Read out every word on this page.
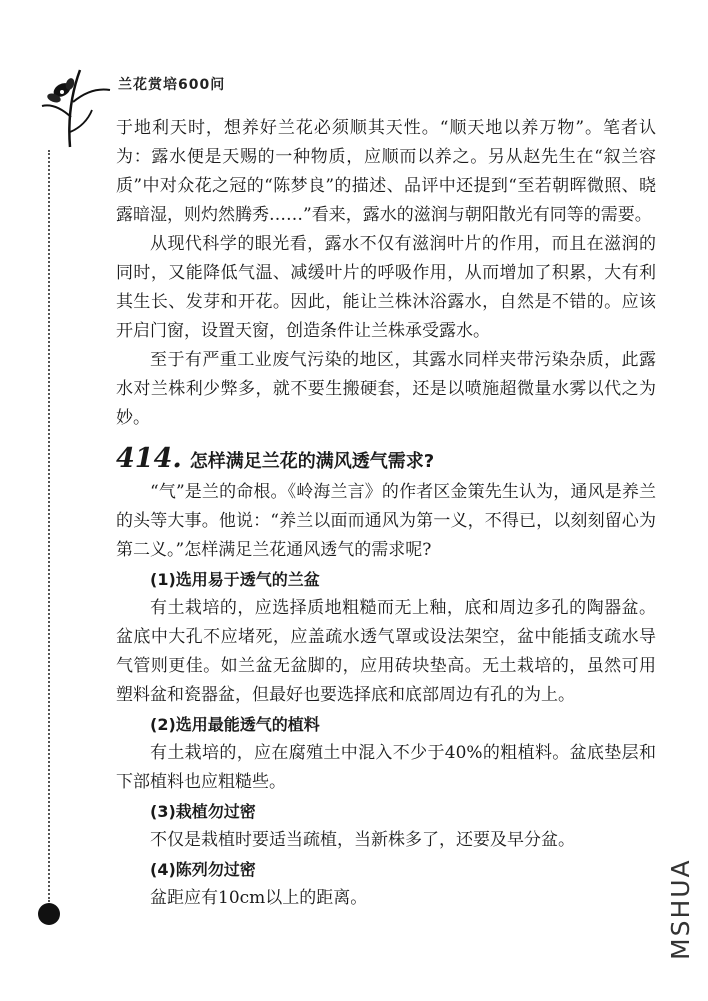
兰花赏培600问

于地利天时，想养好兰花必须顺其天性。“顺天地以养万物”。笔者认为：露水便是天赐的一种物质，应顺而以养之。另从赵先生在“叙兰容质”中对众花之冠的“陈梦良”的描述、品评中还提到“至若朝晖微照、晓露暗湿，则灼然腾秀……”看来，露水的滋润与朝阳散光有同等的需要。

从现代科学的眼光看，露水不仅有滋润叶片的作用，而且在滋润的同时，又能降低气温、减缓叶片的呼吸作用，从而增加了积累，大有利其生长、发芽和开花。因此，能让兰株沐浴露水，自然是不错的。应该开启门窗，设置天窗，创造条件让兰株承受露水。

至于有严重工业废气污染的地区，其露水同样夹带污染杂质，此露水对兰株利少弊多，就不要生搬硬套，还是以喷施超微量水雾以代之为妙。

414. 怎样满足兰花的满风透气需求?

“气”是兰的命根。《岭海兰言》的作者区金策先生认为，通风是养兰的头等大事。他说：“养兰以面而通风为第一义，不得已，以刻刻留心为第二义。”怎样满足兰花通风透气的需求呢?

(1)选用易于透气的兰盆

有土栽培的，应选择质地粗糙而无上釉，底和周边多孔的陶器盆。盆底中大孔不应堵死，应盖疏水透气罩或设法架空，盆中能插支疏水导气管则更佳。如兰盆无盆脚的，应用砖块垫高。无土栽培的，虽然可用塑料盆和瓷器盆，但最好也要选择底和底部周边有孔的为上。

(2)选用最能透气的植料

有土栽培的，应在腐殖土中混入不少于40%的粗植料。盆底垫层和下部植料也应粗糙些。

(3)栽植勿过密

不仅是栽植时要适当疏植，当新株多了，还要及早分盆。

(4)陈列勿过密

盆距应有10cm以上的距离。	MSHUA
